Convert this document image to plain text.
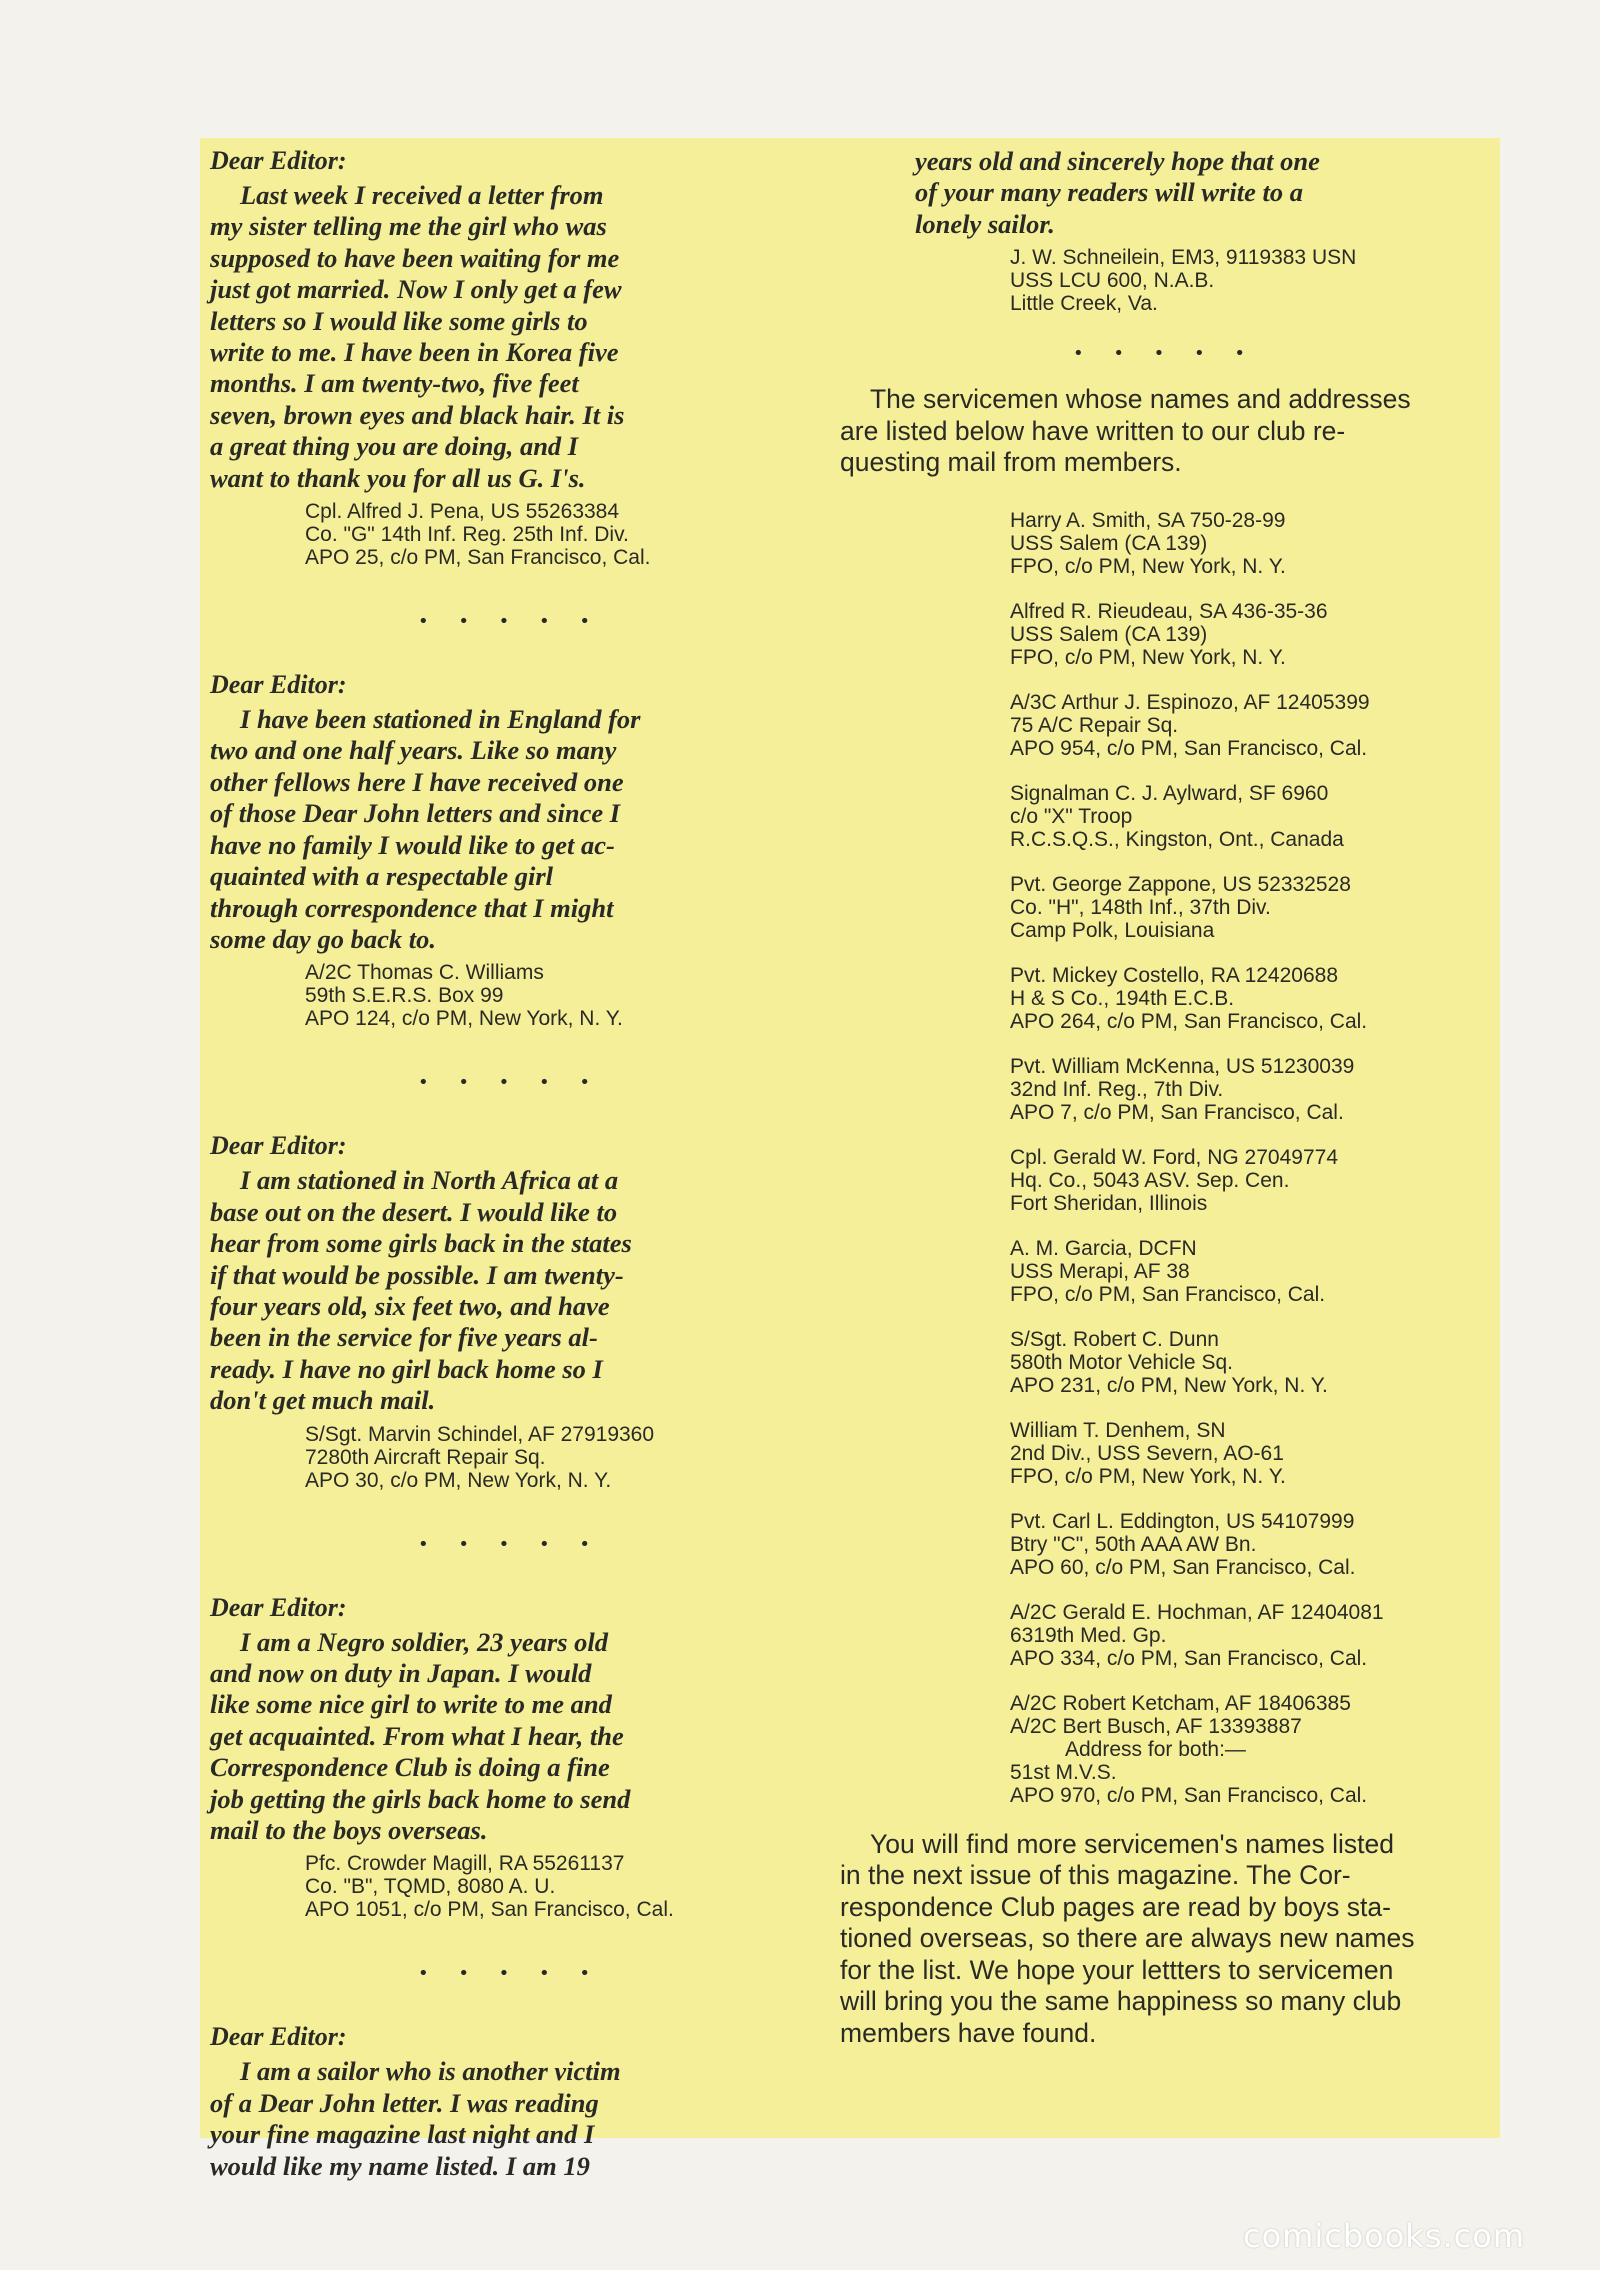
Dear Editor:
Last week I received a letter from
my sister telling me the girl who was
supposed to have been waiting for me
just got married. Now I only get a few
letters so I would like some girls to
write to me. I have been in Korea five
months. I am twenty-two, five feet
seven, brown eyes and black hair. It is
a great thing you are doing, and I
want to thank you for all us G. I's.
Cpl. Alfred J. Pena, US 55263384
Co. "G" 14th Inf. Reg. 25th Inf. Div.
APO 25, c/o PM, San Francisco, Cal.
• • • • •
Dear Editor:
I have been stationed in England for
two and one half years. Like so many
other fellows here I have received one
of those Dear John letters and since I
have no family I would like to get ac-
quainted with a respectable girl
through correspondence that I might
some day go back to.
A/2C Thomas C. Williams
59th S.E.R.S. Box 99
APO 124, c/o PM, New York, N. Y.
• • • • •
Dear Editor:
I am stationed in North Africa at a
base out on the desert. I would like to
hear from some girls back in the states
if that would be possible. I am twenty-
four years old, six feet two, and have
been in the service for five years al-
ready. I have no girl back home so I
don't get much mail.
S/Sgt. Marvin Schindel, AF 27919360
7280th Aircraft Repair Sq.
APO 30, c/o PM, New York, N. Y.
• • • • •
Dear Editor:
I am a Negro soldier, 23 years old
and now on duty in Japan. I would
like some nice girl to write to me and
get acquainted. From what I hear, the
Correspondence Club is doing a fine
job getting the girls back home to send
mail to the boys overseas.
Pfc. Crowder Magill, RA 55261137
Co. "B", TQMD, 8080 A. U.
APO 1051, c/o PM, San Francisco, Cal.
• • • • •
Dear Editor:
I am a sailor who is another victim
of a Dear John letter. I was reading
your fine magazine last night and I
would like my name listed. I am 19
years old and sincerely hope that one
of your many readers will write to a
lonely sailor.
J. W. Schneilein, EM3, 9119383 USN
USS LCU 600, N.A.B.
Little Creek, Va.
• • • • •
The servicemen whose names and addresses
are listed below have written to our club re-
questing mail from members.
Harry A. Smith, SA 750-28-99
USS Salem (CA 139)
FPO, c/o PM, New York, N. Y.
Alfred R. Rieudeau, SA 436-35-36
USS Salem (CA 139)
FPO, c/o PM, New York, N. Y.
A/3C Arthur J. Espinozo, AF 12405399
75 A/C Repair Sq.
APO 954, c/o PM, San Francisco, Cal.
Signalman C. J. Aylward, SF 6960
c/o "X" Troop
R.C.S.Q.S., Kingston, Ont., Canada
Pvt. George Zappone, US 52332528
Co. "H", 148th Inf., 37th Div.
Camp Polk, Louisiana
Pvt. Mickey Costello, RA 12420688
H & S Co., 194th E.C.B.
APO 264, c/o PM, San Francisco, Cal.
Pvt. William McKenna, US 51230039
32nd Inf. Reg., 7th Div.
APO 7, c/o PM, San Francisco, Cal.
Cpl. Gerald W. Ford, NG 27049774
Hq. Co., 5043 ASV. Sep. Cen.
Fort Sheridan, Illinois
A. M. Garcia, DCFN
USS Merapi, AF 38
FPO, c/o PM, San Francisco, Cal.
S/Sgt. Robert C. Dunn
580th Motor Vehicle Sq.
APO 231, c/o PM, New York, N. Y.
William T. Denhem, SN
2nd Div., USS Severn, AO-61
FPO, c/o PM, New York, N. Y.
Pvt. Carl L. Eddington, US 54107999
Btry "C", 50th AAA AW Bn.
APO 60, c/o PM, San Francisco, Cal.
A/2C Gerald E. Hochman, AF 12404081
6319th Med. Gp.
APO 334, c/o PM, San Francisco, Cal.
A/2C Robert Ketcham, AF 18406385
A/2C Bert Busch, AF 13393887
Address for both:—
51st M.V.S.
APO 970, c/o PM, San Francisco, Cal.
You will find more servicemen's names listed
in the next issue of this magazine. The Cor-
respondence Club pages are read by boys sta-
tioned overseas, so there are always new names
for the list. We hope your lettters to servicemen
will bring you the same happiness so many club
members have found.
comicbooks.com
